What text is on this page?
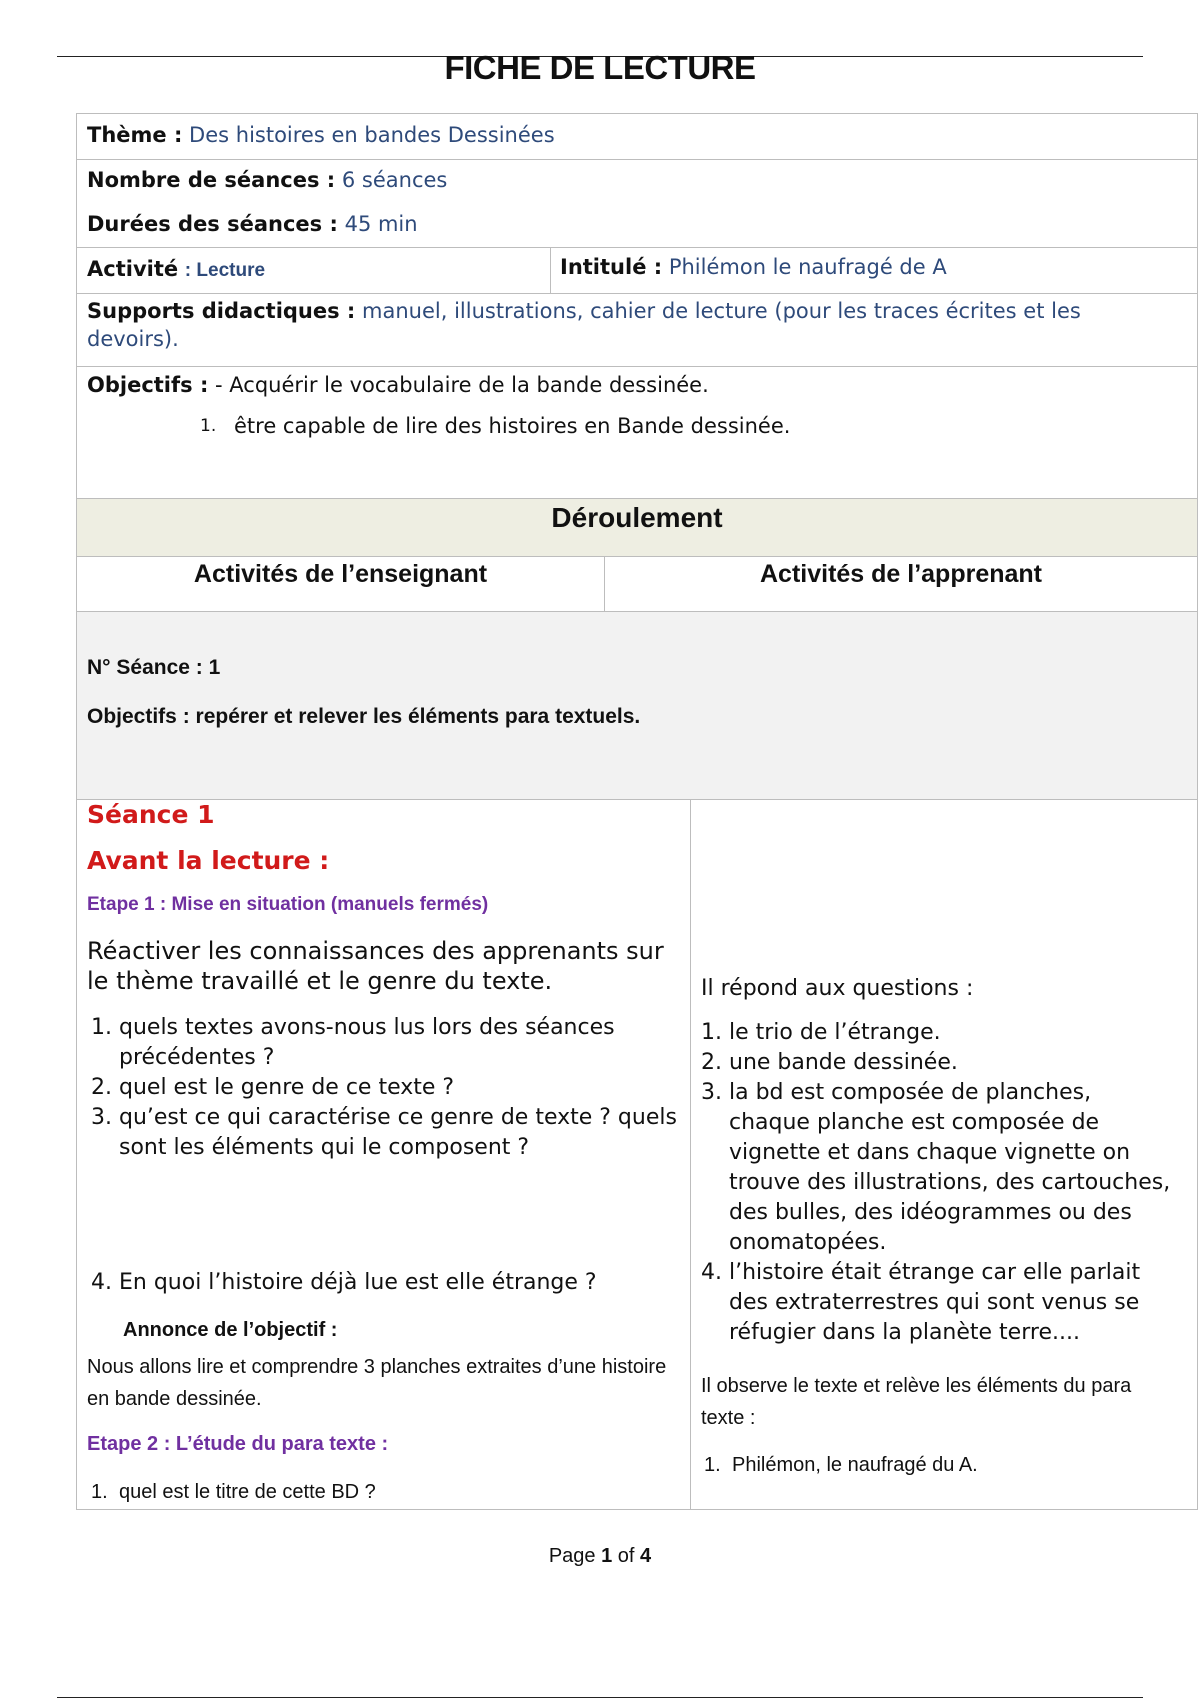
FICHE DE LECTURE
Thème : Des histoires en bandes Dessinées
Nombre de séances : 6 séances
Durées des séances : 45 min
Activité : Lecture	Intitulé : Philémon le naufragé de A
Supports didactiques : manuel, illustrations, cahier de lecture (pour les traces écrites et les devoirs).
Objectifs : - Acquérir le vocabulaire de la bande dessinée.
1. être capable de lire des histoires en Bande dessinée.
Déroulement
Activités de l’enseignant	Activités de l’apprenant
N° Séance : 1
Objectifs : repérer et relever les éléments para textuels.
Séance 1
Avant la lecture :
Etape 1 : Mise en situation (manuels fermés)
Réactiver les connaissances des apprenants sur le thème travaillé et le genre du texte.
1. quels textes avons-nous lus lors des séances précédentes ?
2. quel est le genre de ce texte ?
3. qu’est ce qui caractérise ce genre de texte ? quels sont les éléments qui le composent ?
4. En quoi l’histoire déjà lue est elle étrange ?
Annonce de l’objectif :
Nous allons lire et comprendre 3 planches extraites d’une histoire en bande dessinée.
Etape 2 : L’étude du para texte :
1. quel est le titre de cette BD ?
Il répond aux questions :
1. le trio de l’étrange.
2. une bande dessinée.
3. la bd est composée de planches, chaque planche est composée de vignette et dans chaque vignette on trouve des illustrations, des cartouches, des bulles, des idéogrammes ou des onomatopées.
4. l’histoire était étrange car elle parlait des extraterrestres qui sont venus se réfugier dans la planète terre....
Il observe le texte et relève les éléments du para texte :
1. Philémon, le naufragé du A.
Page 1 of 4
